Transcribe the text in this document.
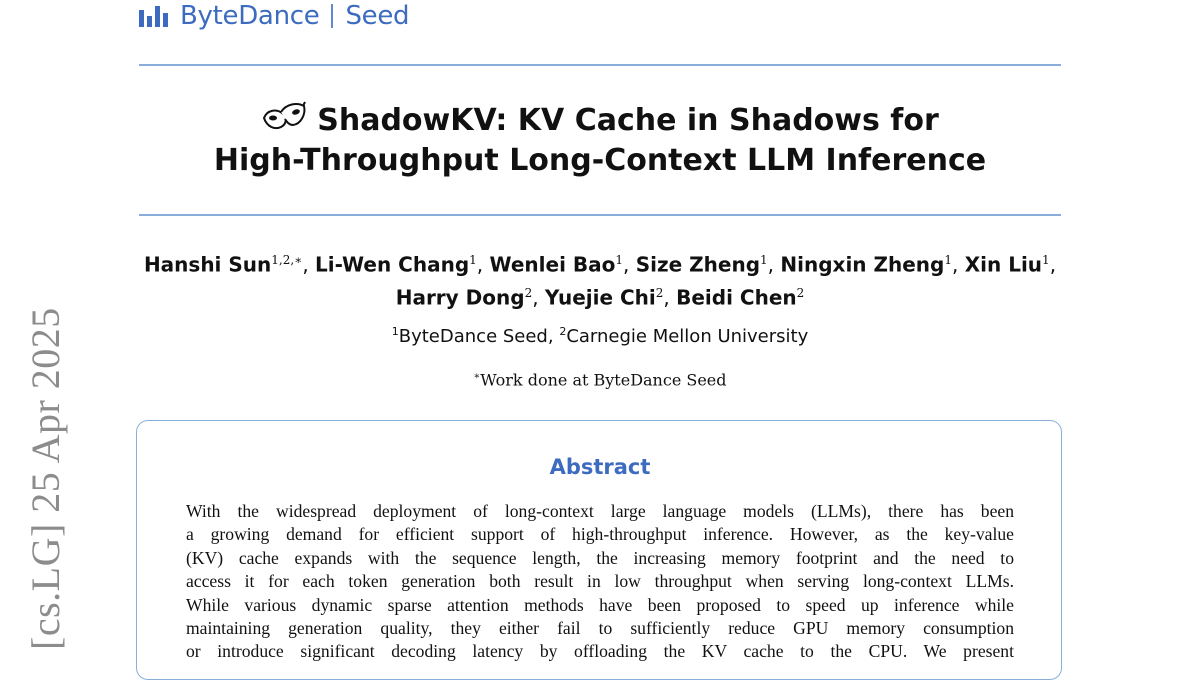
ByteDance Seed
ShadowKV: KV Cache in Shadows for
High-Throughput Long-Context LLM Inference
Hanshi Sun$^{1,2,∗}$, Li-Wen Chang$^1$, Wenlei Bao$^1$, Size Zheng$^1$, Ningxin Zheng$^1$, Xin Liu$^1$,
Harry Dong$^2$, Yuejie Chi$^2$, Beidi Chen$^2$
$^1$ByteDance Seed, $^2$Carnegie Mellon University
∗Work done at ByteDance Seed
Abstract
With the widespread deployment of long-context large language models (LLMs), there has been
a growing demand for efficient support of high-throughput inference. However, as the key-value
(KV) cache expands with the sequence length, the increasing memory footprint and the need to
access it for each token generation both result in low throughput when serving long-context LLMs.
While various dynamic sparse attention methods have been proposed to speed up inference while
maintaining generation quality, they either fail to sufficiently reduce GPU memory consumption
or introduce significant decoding latency by offloading the KV cache to the CPU. We present
[cs.LG] 25 Apr 2025
